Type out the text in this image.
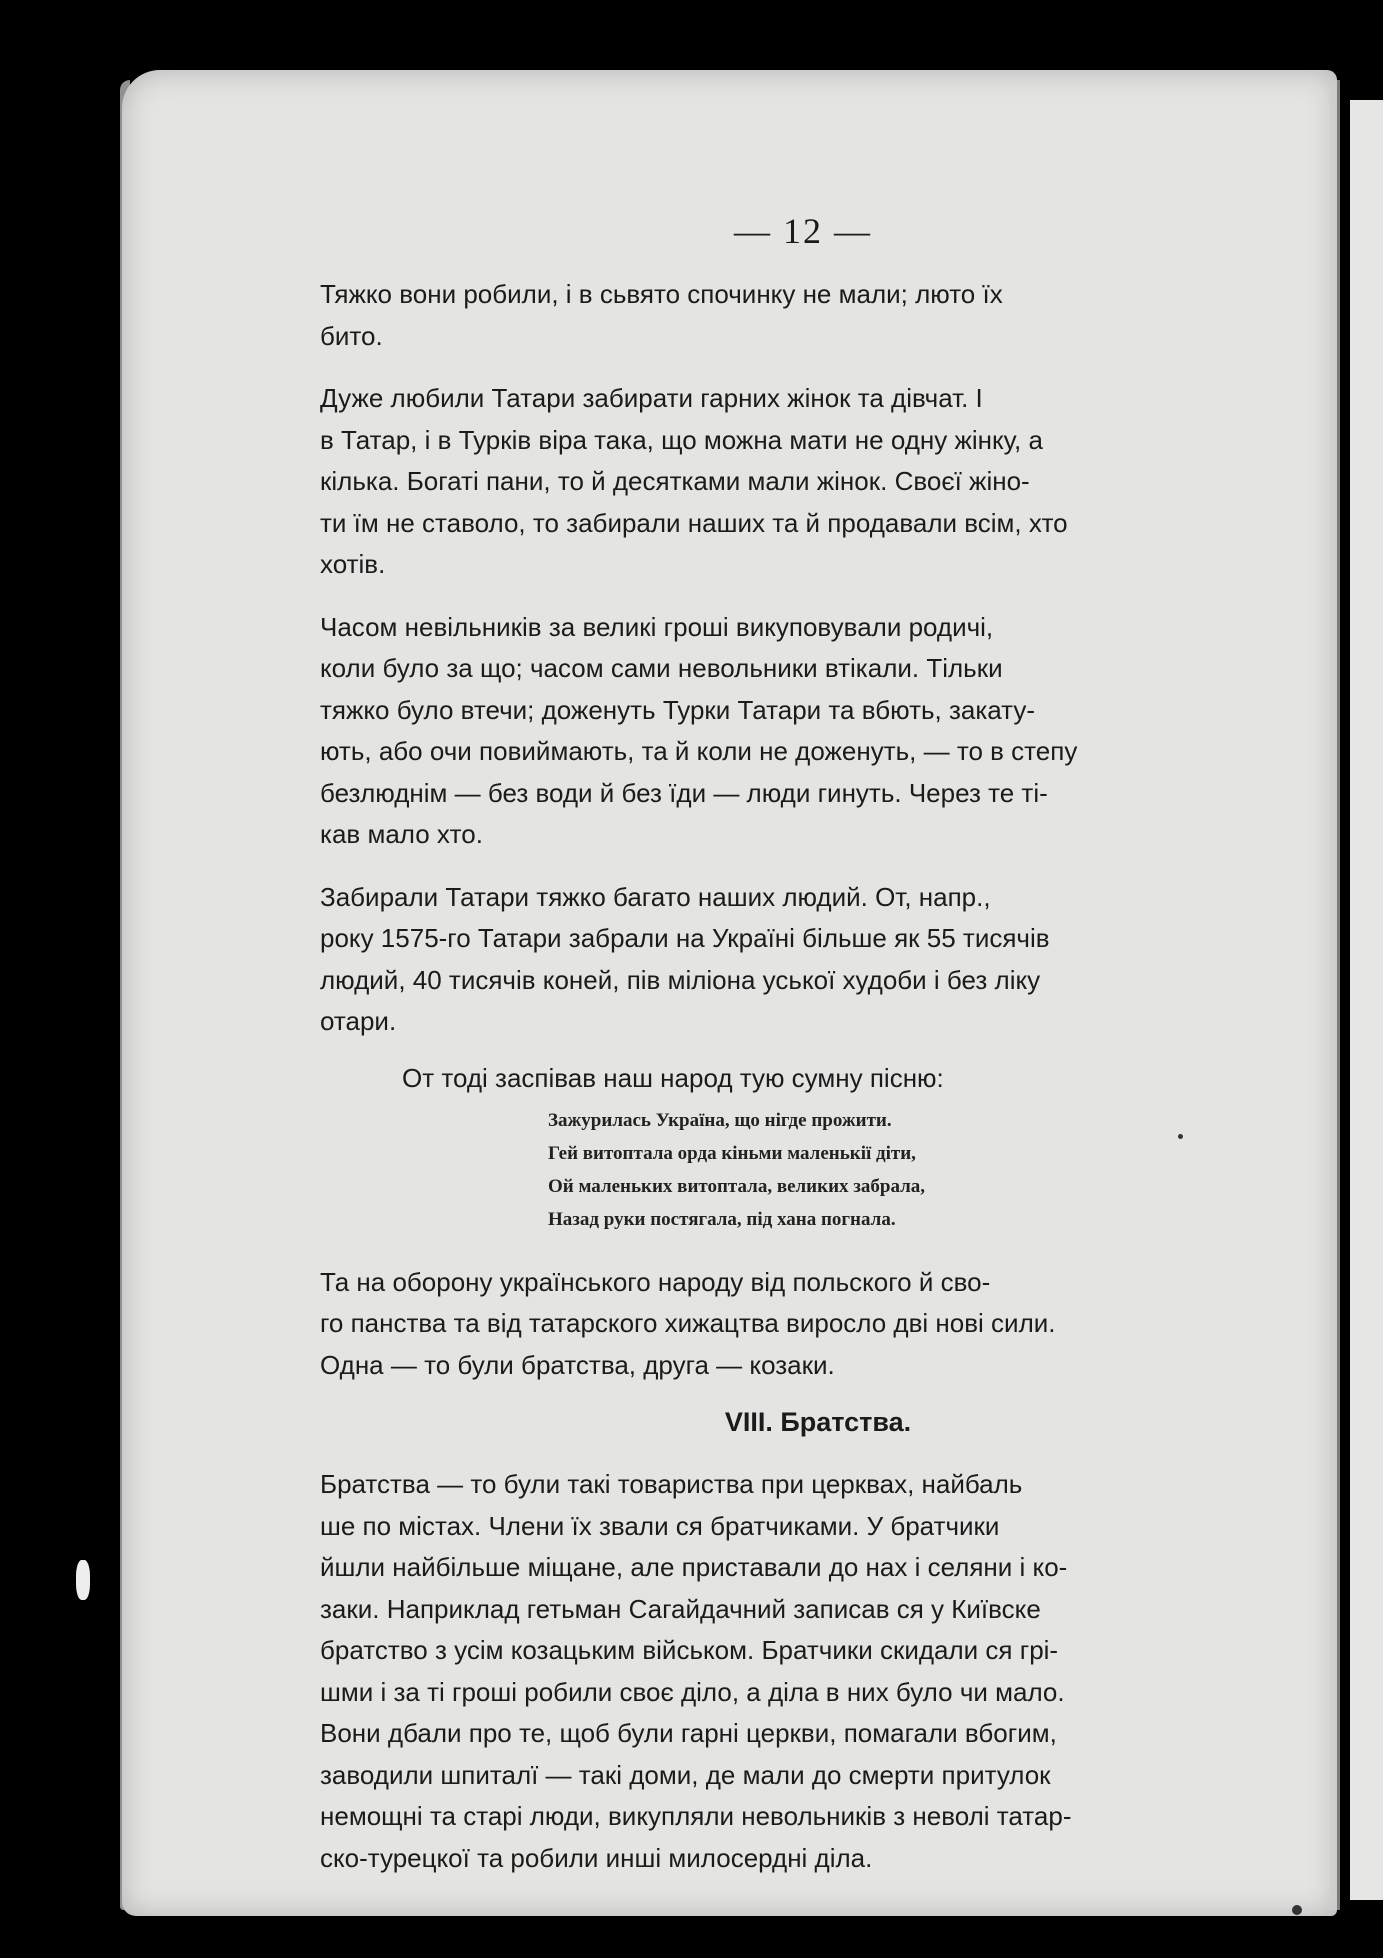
— 12 —

Тяжко вони робили, і в сьвято спочинку не мали; люто їх
бито.

Дуже любили Татари забирати гарних жінок та дівчат. І
в Татар, і в Турків віра така, що можна мати не одну жінку, а
кілька. Богаті пани, то й десятками мали жінок. Своєї жіно-
ти їм не ставоло, то забирали наших та й продавали всім, хто
хотів.

Часом невільників за великі гроші викуповували родичі,
коли було за що; часом сами невольники втікали. Тільки
тяжко було втечи; доженуть Турки Татари та вбють, закату-
ють, або очи повиймають, та й коли не доженуть, — то в степу
безлюднім — без води й без їди — люди гинуть. Через те ті-
кав мало хто.

Забирали Татари тяжко багато наших людий. От, напр.,
року 1575-го Татари забрали на Україні більше як 55 тисячів
людий, 40 тисячів коней, пів міліона уської худоби і без ліку
отари.

От тоді заспівав наш народ тую сумну пісню:
Зажурилась Україна, що нігде прожити.
Гей витоптала орда кіньми маленькії діти,
Ой маленьких витоптала, великих забрала,
Назад руки постягала, під хана погнала.

Та на оборону українського народу від польского й сво-
го панства та від татарского хижацтва виросло дві нові сили.
Одна — то були братства, друга — козаки.

VIII. Братства.

Братства — то були такі товариства при церквах, найбаль
ше по містах. Члени їх звали ся братчиками. У братчики
йшли найбільше міщане, але приставали до нах і селяни і ко-
заки. Наприклад гетьман Сагайдачний записав ся у Київске
братство з усім козацьким військом. Братчики скидали ся грі-
шми і за ті гроші робили своє діло, а діла в них було чи мало.
Вони дбали про те, щоб були гарні церкви, помагали вбогим,
заводили шпиталї — такі доми, де мали до смерти притулок
немощні та старі люди, викупляли невольників з неволі татар-
ско-турецкої та робили инші милосердні діла.
